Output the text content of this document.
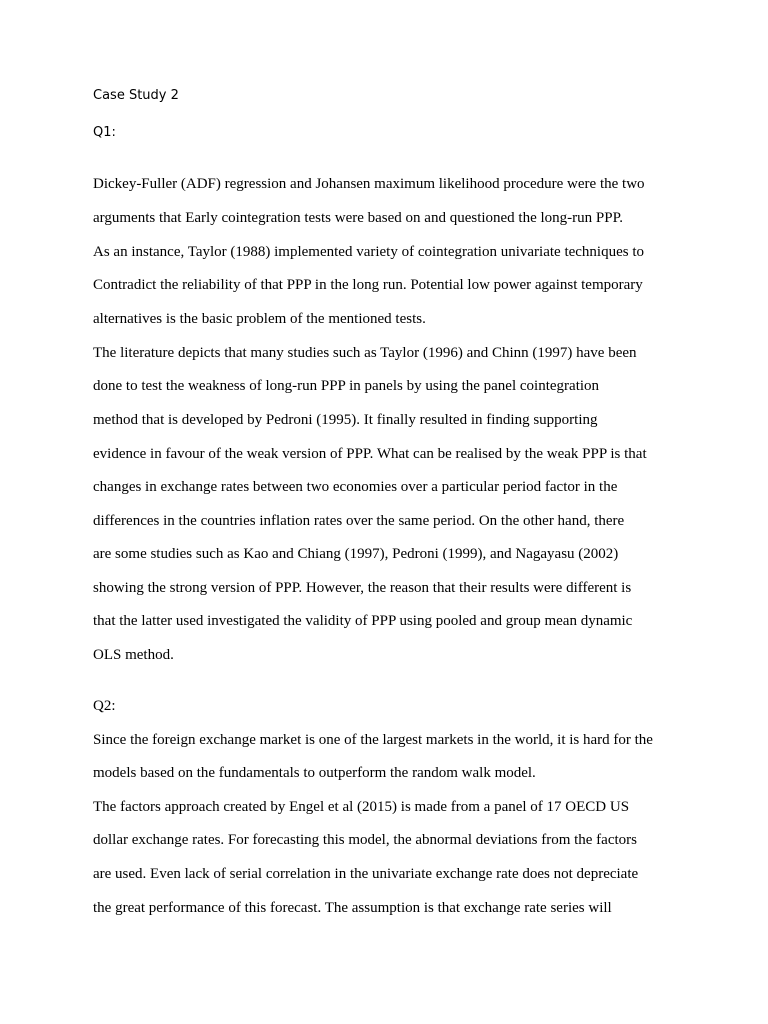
Case Study 2
Q1:
Dickey-Fuller (ADF) regression and Johansen maximum likelihood procedure were the two
arguments that Early cointegration tests were based on and questioned the long-run PPP.
As an instance, Taylor (1988) implemented variety of cointegration univariate techniques to
Contradict the reliability of that PPP in the long run. Potential low power against temporary
alternatives is the basic problem of the mentioned tests.
The literature depicts that many studies such as Taylor (1996) and Chinn (1997) have been
done to test the weakness of long-run PPP in panels by using the panel cointegration
method that is developed by Pedroni (1995). It finally resulted in finding supporting
evidence in favour of the weak version of PPP. What can be realised by the weak PPP is that
changes in exchange rates between two economies over a particular period factor in the
differences in the countries inflation rates over the same period. On the other hand, there
are some studies such as Kao and Chiang (1997), Pedroni (1999), and Nagayasu (2002)
showing the strong version of PPP. However, the reason that their results were different is
that the latter used investigated the validity of PPP using pooled and group mean dynamic
OLS method.
Q2:
Since the foreign exchange market is one of the largest markets in the world, it is hard for the
models based on the fundamentals to outperform the random walk model.
The factors approach created by Engel et al (2015) is made from a panel of 17 OECD US
dollar exchange rates. For forecasting this model, the abnormal deviations from the factors
are used. Even lack of serial correlation in the univariate exchange rate does not depreciate
the great performance of this forecast. The assumption is that exchange rate series will
